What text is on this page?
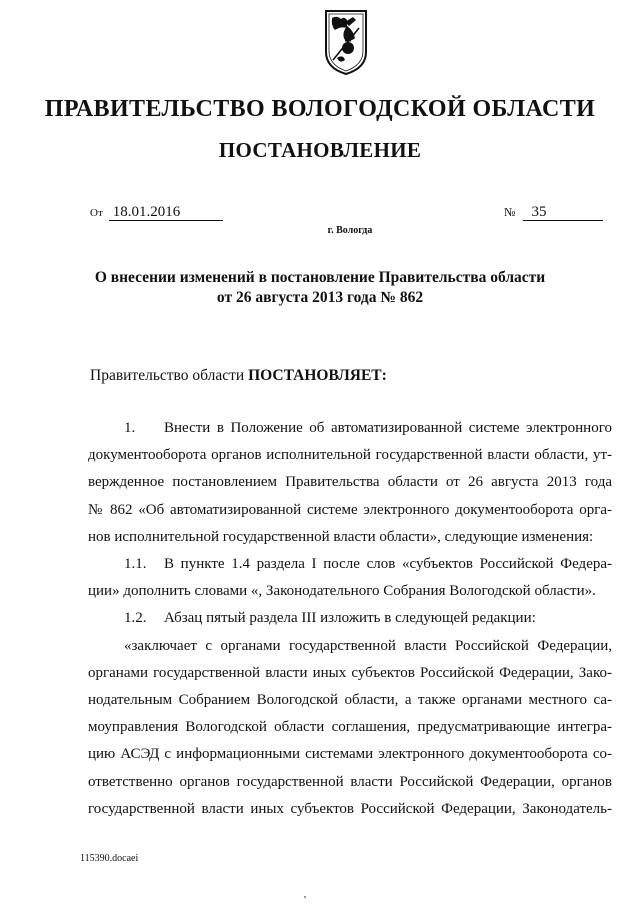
ПРАВИТЕЛЬСТВО ВОЛОГОДСКОЙ ОБЛАСТИ
ПОСТАНОВЛЕНИЕ
От 18.01.2016	№ 35
г. Вологда
О внесении изменений в постановление Правительства области
от 26 августа 2013 года № 862
Правительство области ПОСТАНОВЛЯЕТ:

1. Внести в Положение об автоматизированной системе электронного

документооборота органов исполнительной государственной власти области, ут-

вержденное постановлением Правительства области от 26 августа 2013 года

№ 862 «Об автоматизированной системе электронного документооборота орга-

нов исполнительной государственной власти области», следующие изменения:

1.1. В пункте 1.4 раздела I после слов «субъектов Российской Федера-

ции» дополнить словами «, Законодательного Собрания Вологодской области».

1.2. Абзац пятый раздела III изложить в следующей редакции:

«заключает с органами государственной власти Российской Федерации,

органами государственной власти иных субъектов Российской Федерации, Зако-

нодательным Собранием Вологодской области, а также органами местного са-

моуправления Вологодской области соглашения, предусматривающие интегра-

цию АСЭД с информационными системами электронного документооборота со-

ответственно органов государственной власти Российской Федерации, органов

государственной власти иных субъектов Российской Федерации, Законодатель-

115390.docaei
